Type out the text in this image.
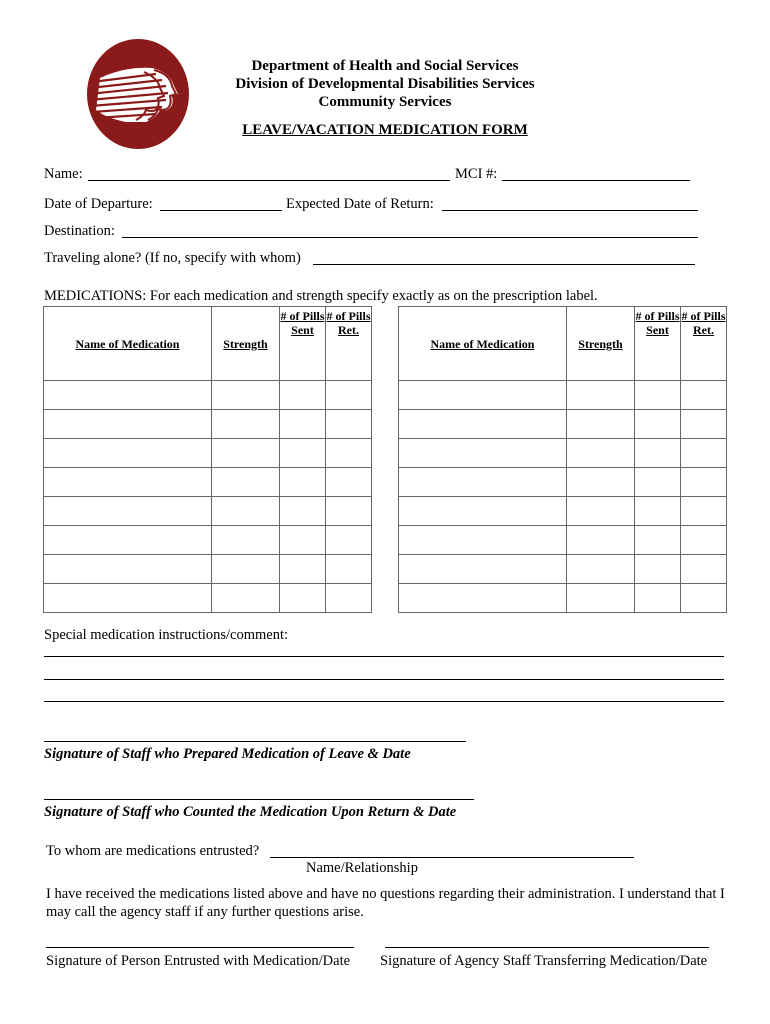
Department of Health and Social Services
Division of Developmental Disabilities Services
Community Services
LEAVE/VACATION MEDICATION FORM
Name:	MCI #:
Date of Departure:	Expected Date of Return:
Destination:
Traveling alone? (If no, specify with whom)
MEDICATIONS: For each medication and strength specify exactly as on the prescription label.
Name of Medication	Strength	# of Pills Sent	# of Pills Ret.

Name of Medication	Strength	# of Pills Sent	# of Pills Ret.

Special medication instructions/comment:
Signature of Staff who Prepared Medication of Leave & Date
Signature of Staff who Counted the Medication Upon Return & Date
To whom are medications entrusted?
Name/Relationship
I have received the medications listed above and have no questions regarding their administration. I understand that I may call the agency staff if any further questions arise.
Signature of Person Entrusted with Medication/Date Signature of Agency Staff Transferring Medication/Date
